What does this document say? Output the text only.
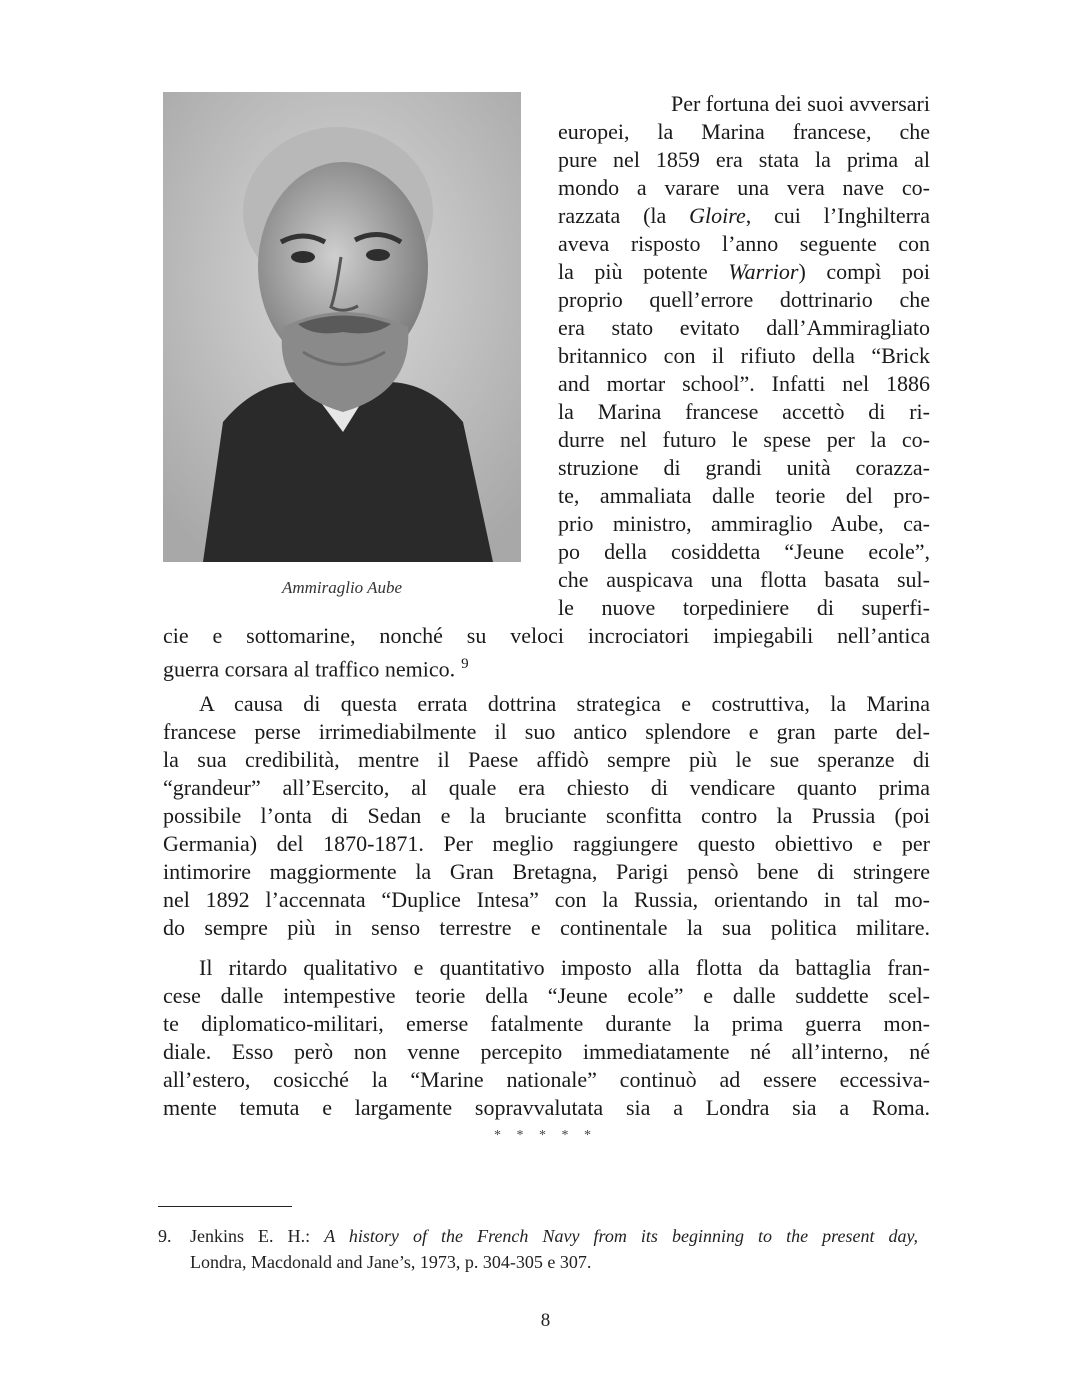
Ammiraglio Aube
Per fortuna dei suoi avversari
europei, la Marina francese, che
pure nel 1859 era stata la prima al
mondo a varare una vera nave co-
razzata (la Gloire, cui l’Inghilterra
aveva risposto l’anno seguente con
la più potente Warrior) compì poi
proprio quell’errore dottrinario che
era stato evitato dall’Ammiragliato
britannico con il rifiuto della “Brick
and mortar school”. Infatti nel 1886
la Marina francese accettò di ri-
durre nel futuro le spese per la co-
struzione di grandi unità corazza-
te, ammaliata dalle teorie del pro-
prio ministro, ammiraglio Aube, ca-
po della cosiddetta “Jeune ecole”,
che auspicava una flotta basata sul-
le nuove torpediniere di superfi-
cie e sottomarine, nonché su veloci incrociatori impiegabili nell’antica
guerra corsara al traffico nemico. $^9$
A causa di questa errata dottrina strategica e costruttiva, la Marina
francese perse irrimediabilmente il suo antico splendore e gran parte del-
la sua credibilità, mentre il Paese affidò sempre più le sue speranze di
“grandeur” all’Esercito, al quale era chiesto di vendicare quanto prima
possibile l’onta di Sedan e la bruciante sconfitta contro la Prussia (poi
Germania) del 1870-1871. Per meglio raggiungere questo obiettivo e per
intimorire maggiormente la Gran Bretagna, Parigi pensò bene di stringere
nel 1892 l’accennata “Duplice Intesa” con la Russia, orientando in tal mo-
do sempre più in senso terrestre e continentale la sua politica militare.
Il ritardo qualitativo e quantitativo imposto alla flotta da battaglia fran-
cese dalle intempestive teorie della “Jeune ecole” e dalle suddette scel-
te diplomatico-militari, emerse fatalmente durante la prima guerra mon-
diale. Esso però non venne percepito immediatamente né all’interno, né
all’estero, cosicché la “Marine nationale” continuò ad essere eccessiva-
mente temuta e largamente sopravvalutata sia a Londra sia a Roma.
* * * * *
9. Jenkins E. H.: A history of the French Navy from its beginning to the present day,
Londra, Macdonald and Jane’s, 1973, p. 304-305 e 307.
8
